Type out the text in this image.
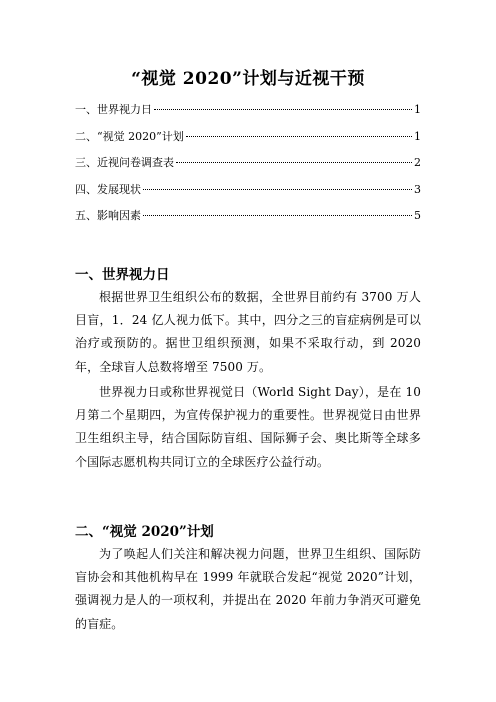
“视觉 2020”计划与近视干预
一、世界视力日	1
二、“视觉 2020”计划	1
三、近视问卷调查表	2
四、发展现状	3
五、影响因素	5
一、世界视力日
根据世界卫生组织公布的数据，全世界目前约有 3700 万人目盲，1．24 亿人视力低下。其中，四分之三的盲症病例是可以治疗或预防的。据世卫组织预测，如果不采取行动，到 2020 年，全球盲人总数将增至 7500 万。
世界视力日或称世界视觉日（World Sight Day），是在 10 月第二个星期四，为宣传保护视力的重要性。世界视觉日由世界卫生组织主导，结合国际防盲组、国际狮子会、奥比斯等全球多个国际志愿机构共同订立的全球医疗公益行动。
二、“视觉 2020”计划
为了唤起人们关注和解决视力问题，世界卫生组织、国际防盲协会和其他机构早在 1999 年就联合发起“视觉 2020”计划，强调视力是人的一项权利，并提出在 2020 年前力争消灭可避免的盲症。
